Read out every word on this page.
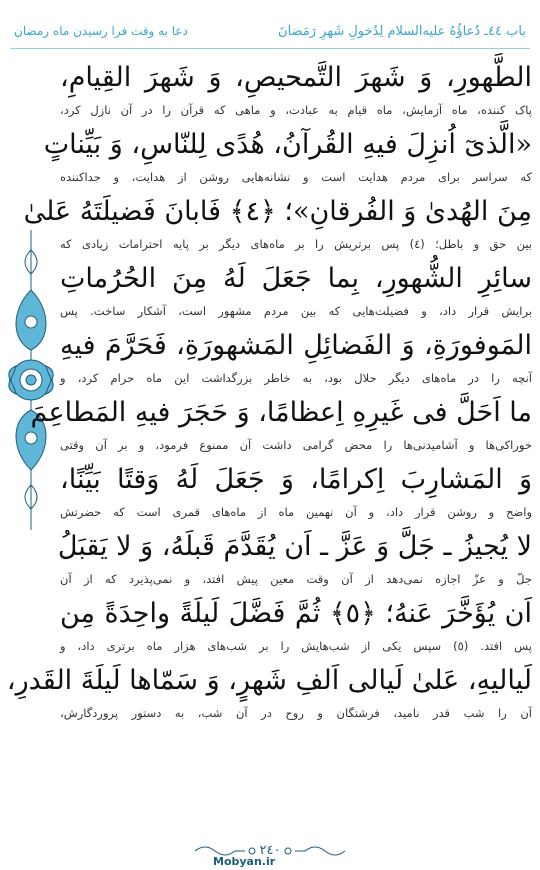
باب ٤٤ـ دُعاؤُهُ علیه‌السلام لِدُخولِ شَهرِ رَمَضانَ
دعا به وقت فرا رسیدن ماه رمضان
الطَّهورِ، وَ شَهرَ التَّمحیصِ، وَ شَهرَ القِیامِ،
پاک کننده، ماه آزمایش، ماه قیام به عبادت، و ماهی که قرآن را در آن نازل کرد،
«الَّذیٓ اُنزِلَ فیهِ القُرآنُ، هُدًی لِلنّاسِ، وَ بَیِّناتٍ
که سراسر برای مردم هدایت است و نشانه‌هایی روشن از هدایت، و جداکننده
مِنَ الهُدیٰ وَ الفُرقانِ»؛ ﴿٤﴾ فَابانَ فَضیلَتَهُ عَلیٰ
بین حق و باطل؛ (٤) پس برتریش را بر ماه‌های دیگر بر پایه احترامات زیادی که
سائِرِ الشُّهورِ، بِما جَعَلَ لَهُ مِنَ الحُرُماتِ
برایش قرار داد، و فضیلت‌هایی که بین مردم مشهور است، آشکار ساخت. پس
المَوفورَةِ، وَ الفَضائِلِ المَشهورَةِ، فَحَرَّمَ فیهِ
آنچه را در ماه‌های دیگر حلال بود، به خاطر بزرگداشت این ماه حرام کرد، و
ما اَحَلَّ فی غَیرِهِ اِعظامًا، وَ حَجَرَ فیهِ المَطاعِمَ
خوراکی‌ها و آشامیدنی‌ها را محض گرامی داشت آن ممنوع فرمود، و بر آن وقتی
وَ المَشارِبَ اِکرامًا، وَ جَعَلَ لَهُ وَقتًا بَیِّنًا،
واضح و روشن قرار داد، و آن نهمین ماه از ماه‌های قمری است که حضرتش
لا یُجیزُ ـ جَلَّ وَ عَزَّ ـ اَن یُقَدَّمَ قَبلَهُ، وَ لا یَقبَلُ
جلّ و عزّ اجازه نمی‌دهد از آن وقت معین پیش افتد، و نمی‌پذیرد که از آن
اَن یُؤَخَّرَ عَنهُ؛ ﴿٥﴾ ثُمَّ فَضَّلَ لَیلَةً واحِدَةً مِن
پس افتد. (٥) سپس یکی از شب‌هایش را بر شب‌های هزار ماه برتری داد، و
لَیالیهِ، عَلیٰ لَیالی اَلفِ شَهرٍ، وَ سَمّاها لَیلَةَ القَدرِ،
آن را شب قدر نامید، فرشتگان و روح در آن شب، به دستور پروردگارش،
٢٤٠
Mobyan.ir
